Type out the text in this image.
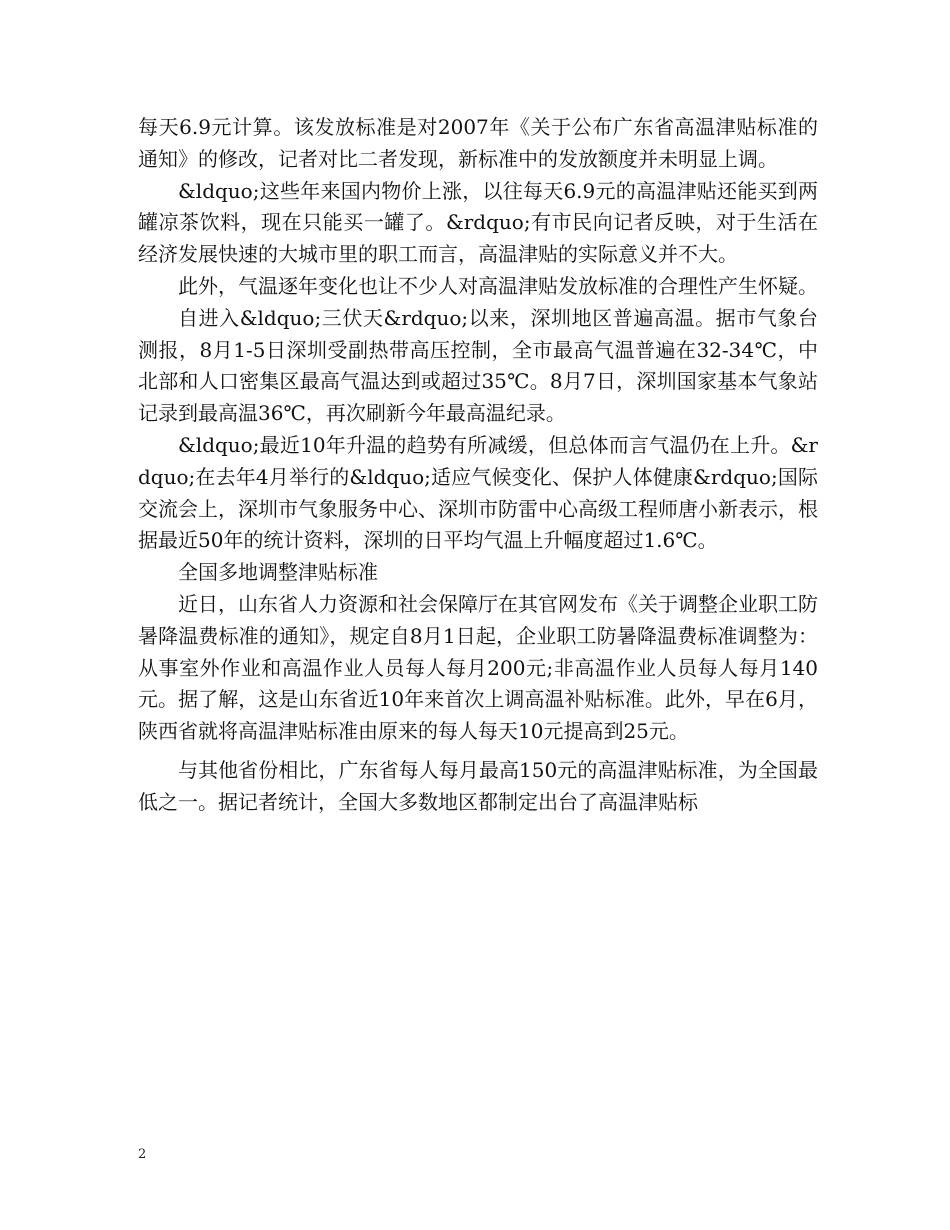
每天6.9元计算。该发放标准是对2007年《关于公布广东省高温津贴标准的通知》的修改，记者对比二者发现，新标准中的发放额度并未明显上调。

&ldquo;这些年来国内物价上涨，以往每天6.9元的高温津贴还能买到两罐凉茶饮料，现在只能买一罐了。&rdquo;有市民向记者反映，对于生活在经济发展快速的大城市里的职工而言，高温津贴的实际意义并不大。

此外，气温逐年变化也让不少人对高温津贴发放标准的合理性产生怀疑。

自进入&ldquo;三伏天&rdquo;以来，深圳地区普遍高温。据市气象台测报，8月1-5日深圳受副热带高压控制，全市最高气温普遍在32-34℃，中北部和人口密集区最高气温达到或超过35℃。8月7日，深圳国家基本气象站记录到最高温36℃，再次刷新今年最高温纪录。

&ldquo;最近10年升温的趋势有所减缓，但总体而言气温仍在上升。&rdquo;在去年4月举行的&ldquo;适应气候变化、保护人体健康&rdquo;国际交流会上，深圳市气象服务中心、深圳市防雷中心高级工程师唐小新表示，根据最近50年的统计资料，深圳的日平均气温上升幅度超过1.6℃。

全国多地调整津贴标准

近日，山东省人力资源和社会保障厅在其官网发布《关于调整企业职工防暑降温费标准的通知》，规定自8月1日起，企业职工防暑降温费标准调整为：从事室外作业和高温作业人员每人每月200元;非高温作业人员每人每月140元。据了解，这是山东省近10年来首次上调高温补贴标准。此外，早在6月，陕西省就将高温津贴标准由原来的每人每天10元提高到25元。

与其他省份相比，广东省每人每月最高150元的高温津贴标准，为全国最低之一。据记者统计，全国大多数地区都制定出台了高温津贴标

2
